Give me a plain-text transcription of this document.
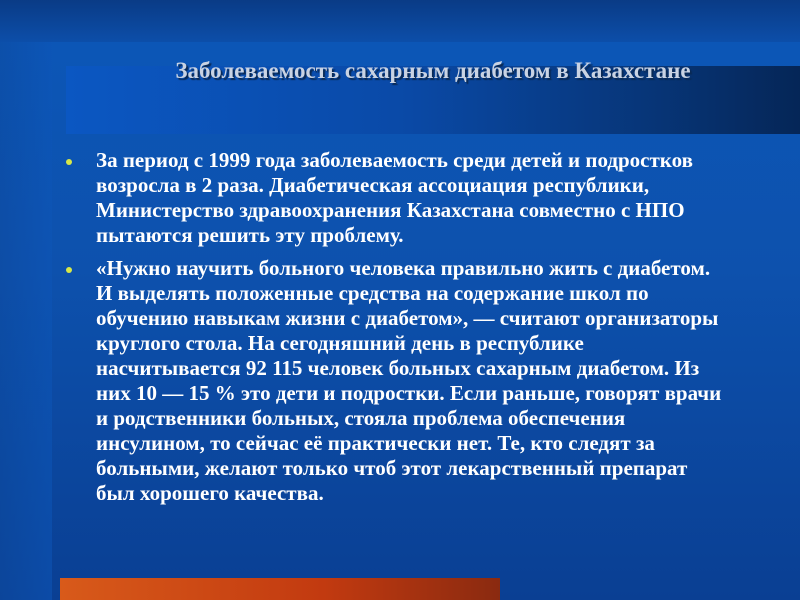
Заболеваемость сахарным диабетом в Казахстане
За период с 1999 года заболеваемость среди детей и подростков возросла в 2 раза. Диабетическая ассоциация республики, Министерство здравоохранения Казахстана совместно с НПО пытаются решить эту проблему.
«Нужно научить больного человека правильно жить с диабетом. И выделять положенные средства на содержание школ по обучению навыкам жизни с диабетом», — считают организаторы круглого стола. На сегодняшний день в республике насчитывается 92 115 человек больных сахарным диабетом. Из них 10 — 15 % это дети и подростки. Если раньше, говорят врачи и родственники больных, стояла проблема обеспечения инсулином, то сейчас её практически нет. Те, кто следят за больными, желают только чтоб этот лекарственный препарат был хорошего качества.
